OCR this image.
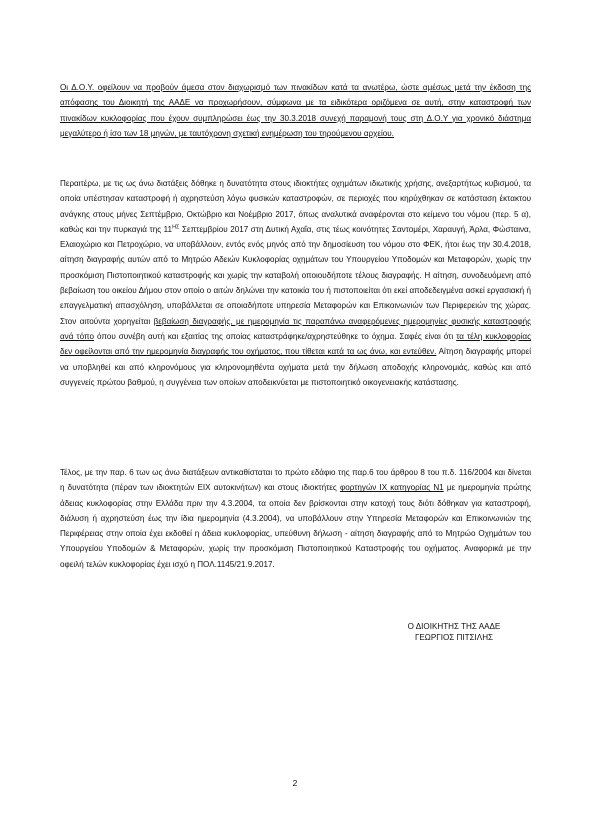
Οι Δ.Ο.Υ. οφείλουν να προβούν άμεσα στον διαχωρισμό των πινακίδων κατά τα ανωτέρω, ώστε αμέσως μετά την έκδοση της απόφασης του Διοικητή της ΑΑΔΕ να προχωρήσουν, σύμφωνα με τα ειδικότερα οριζόμενα σε αυτή, στην καταστροφή των πινακίδων κυκλοφορίας που έχουν συμπληρώσει έως την 30.3.2018 συνεχή παραμονή τους στη Δ.Ο.Υ για χρονικό διάστημα μεγαλύτερο ή ίσο των 18 μηνών, με ταυτόχρονη σχετική ενημέρωση του τηρούμενου αρχείου.

Περαιτέρω, με τις ως άνω διατάξεις δόθηκε η δυνατότητα στους ιδιοκτήτες οχημάτων ιδιωτικής χρήσης, ανεξαρτήτως κυβισμού, τα οποία υπέστησαν καταστροφή ή αχρηστεύση λόγω φυσικών καταστροφών, σε περιοχές που κηρύχθηκαν σε κατάσταση έκτακτου ανάγκης στους μήνες Σεπτέμβριο, Οκτώβριο και Νοέμβριο 2017, όπως αναλυτικά αναφέρονται στο κείμενο του νόμου (περ. 5 α), καθώς και την πυρκαγιά της $11^{H\Sigma}$ Σεπτεμβρίου 2017 στη Δυτική Αχαΐα, στις τέως κοινότητες Σαντομέρι, Χαραυγή, Άρλα, Φώσταινα, Ελαιοχώριο και Πετροχώριο, να υποβάλλουν, εντός ενός μηνός από την δημοσίευση του νόμου στο ΦΕΚ, ήτοι έως την 30.4.2018, αίτηση διαγραφής αυτών από το Μητρώο Αδειών Κυκλοφορίας οχημάτων του Υπουργείου Υποδομών και Μεταφορών, χωρίς την προσκόμιση Πιστοποιητικού καταστροφής και χωρίς την καταβολή οποιουδήποτε τέλους διαγραφής. Η αίτηση, συνοδευόμενη από βεβαίωση του οικείου Δήμου στον οποίο ο αιτών δηλώνει την κατοικία του ή πιστοποιείται ότι εκεί αποδεδειγμένα ασκεί εργασιακή ή επαγγελματική απασχόληση, υποβάλλεται σε οποιαδήποτε υπηρεσία Μεταφορών και Επικοινωνιών των Περιφερειών της χώρας. Στον αιτούντα χορηγείται βεβαίωση διαγραφής, με ημερομηνία τις παραπάνω αναφερόμενες ημερομηνίες φυσικής καταστροφής ανά τόπο όπου συνέβη αυτή και εξαιτίας της οποίας καταστράφηκε/αχρηστεύθηκε το όχημα. Σαφές είναι ότι τα τέλη κυκλοφορίας δεν οφείλονται από την ημερομηνία διαγραφής του οχήματος, που τίθεται κατά τα ως άνω, και εντεύθεν. Αίτηση διαγραφής μπορεί να υποβληθεί και από κληρονόμους για κληρονομηθέντα οχήματα μετά την δήλωση αποδοχής κληρονομιάς, καθώς και από συγγενείς πρώτου βαθμού, η συγγένεια των οποίων αποδεικνύεται με πιστοποιητικό οικογενειακής κατάστασης.

Τέλος, με την παρ. 6 των ως άνω διατάξεων αντικαθίσταται το πρώτο εδάφιο της παρ.6 του άρθρου 8 του π.δ. 116/2004 και δίνεται η δυνατότητα (πέραν των ιδιοκτητών ΕΙΧ αυτοκινήτων) και στους ιδιοκτήτες φορτηγών ΙΧ κατηγορίας Ν1 με ημερομηνία πρώτης άδειας κυκλοφορίας στην Ελλάδα πριν την 4.3.2004, τα οποία δεν βρίσκονται στην κατοχή τους διότι δόθηκαν για καταστροφή, διάλυση ή αχρηστεύση έως την ίδια ημερομηνία (4.3.2004), να υποβάλλουν στην Υπηρεσία Μεταφορών και Επικοινωνιών της Περιφέρειας στην οποία έχει εκδοθεί η άδεια κυκλοφορίας, υπεύθυνη δήλωση - αίτηση διαγραφής από το Μητρώο Οχημάτων του Υπουργείου Υποδομών & Μεταφορών, χωρίς την προσκόμιση Πιστοποιητικού Καταστροφής του οχήματος. Αναφορικά με την οφειλή τελών κυκλοφορίας έχει ισχύ η ΠΟΛ.1145/21.9.2017.

Ο ΔΙΟΙΚΗΤΗΣ ΤΗΣ ΑΑΔΕ
ΓΕΩΡΓΙΟΣ ΠΙΤΣΙΛΗΣ
2
